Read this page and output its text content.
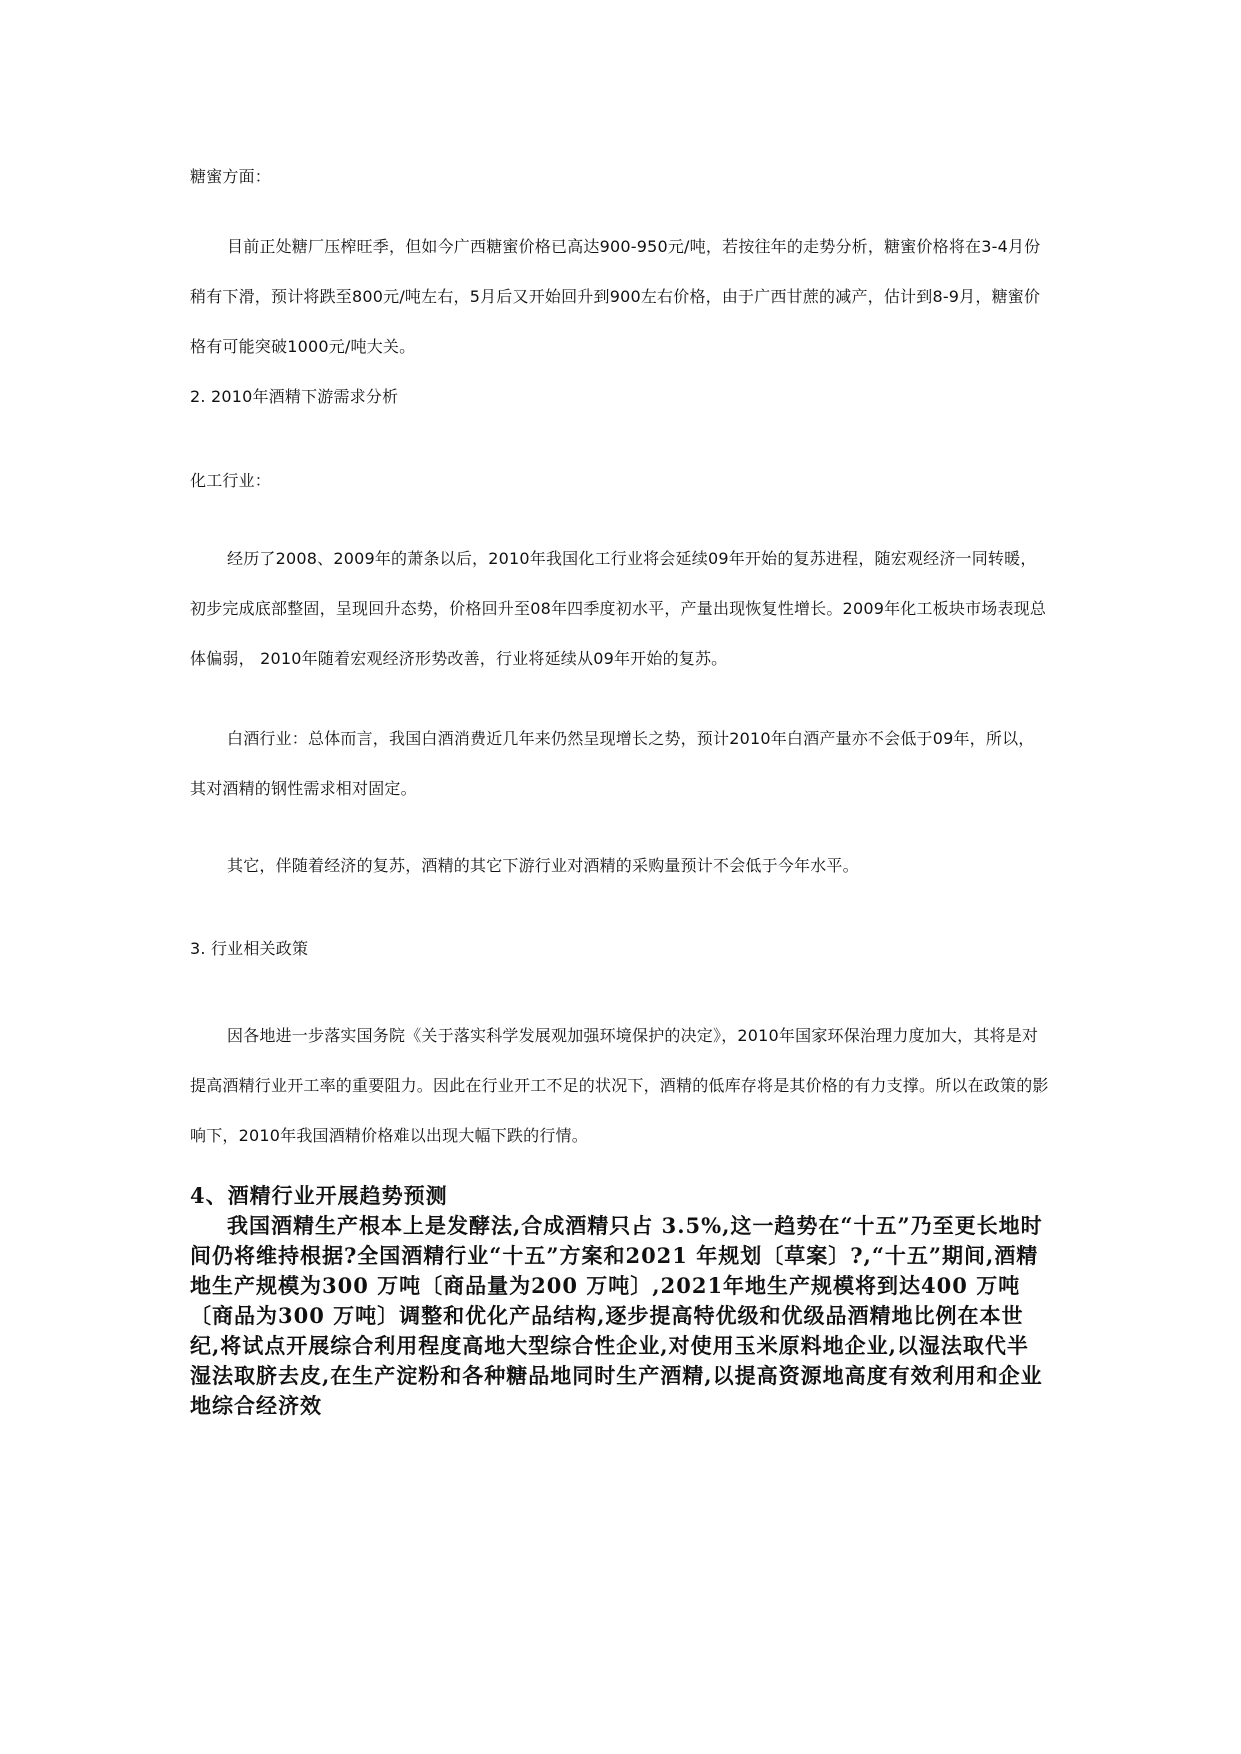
糖蜜方面：

目前正处糖厂压榨旺季，但如今广西糖蜜价格已高达900-950元/吨，若按往年的走势分析，糖蜜价格将在3-4月份稍有下滑，预计将跌至800元/吨左右，5月后又开始回升到900左右价格，由于广西甘蔗的减产，估计到8-9月，糖蜜价格有可能突破1000元/吨大关。

2. 2010年酒精下游需求分析

化工行业：

经历了2008、2009年的萧条以后，2010年我国化工行业将会延续09年开始的复苏进程，随宏观经济一同转暖，初步完成底部整固，呈现回升态势，价格回升至08年四季度初水平，产量出现恢复性增长。2009年化工板块市场表现总体偏弱， 2010年随着宏观经济形势改善，行业将延续从09年开始的复苏。

白酒行业：总体而言，我国白酒消费近几年来仍然呈现增长之势，预计2010年白酒产量亦不会低于09年，所以，其对酒精的钢性需求相对固定。

其它，伴随着经济的复苏，酒精的其它下游行业对酒精的采购量预计不会低于今年水平。

3. 行业相关政策

因各地进一步落实国务院《关于落实科学发展观加强环境保护的决定》，2010年国家环保治理力度加大，其将是对提高酒精行业开工率的重要阻力。因此在行业开工不足的状况下，酒精的低库存将是其价格的有力支撑。所以在政策的影响下，2010年我国酒精价格难以出现大幅下跌的行情。

4、酒精行业开展趋势预测

我国酒精生产根本上是发酵法,合成酒精只占 3.5%,这一趋势在“十五”乃至更长地时间仍将维持根据?全国酒精行业“十五”方案和2021 年规划〔草案〕?,“十五”期间,酒精地生产规模为300 万吨〔商品量为200 万吨〕,2021年地生产规模将到达400 万吨〔商品为300 万吨〕调整和优化产品结构,逐步提高特优级和优级品酒精地比例在本世纪,将试点开展综合利用程度高地大型综合性企业,对使用玉米原料地企业,以湿法取代半湿法取脐去皮,在生产淀粉和各种糖品地同时生产酒精,以提高资源地高度有效利用和企业地综合经济效
